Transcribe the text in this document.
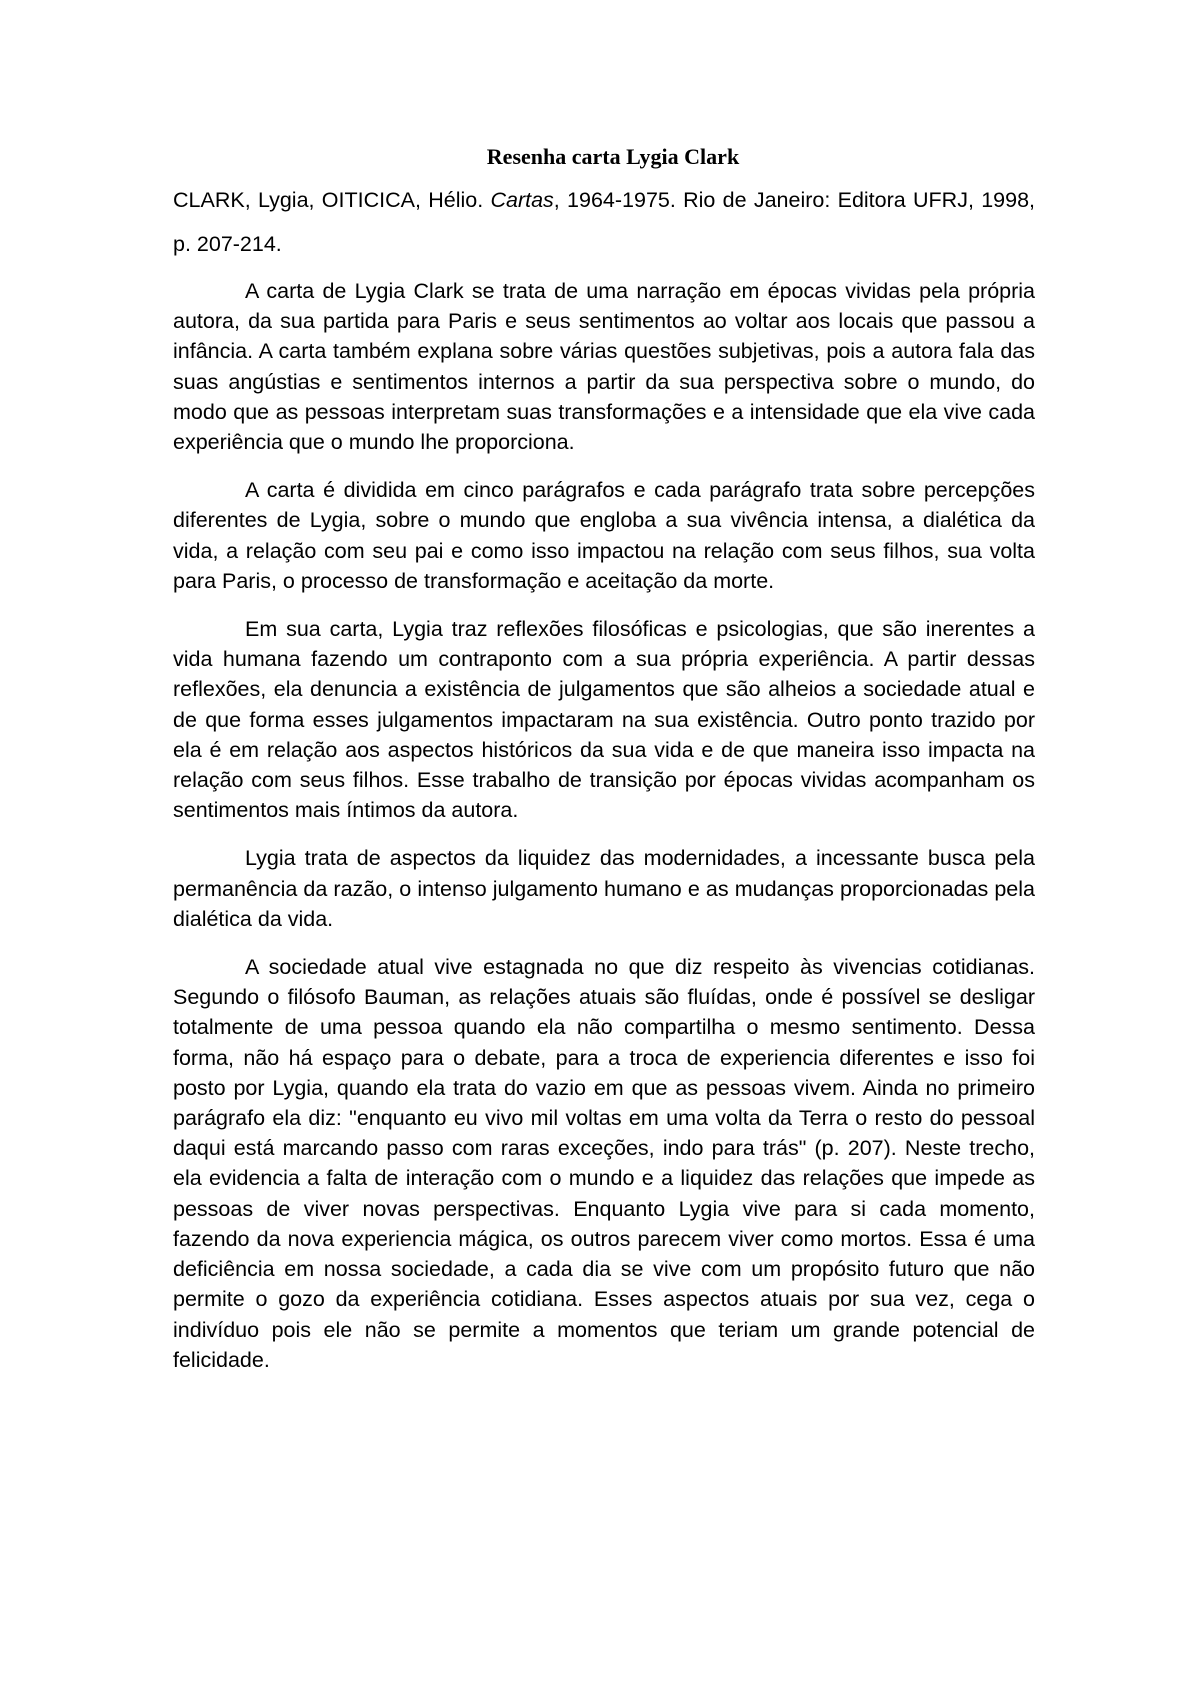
Resenha carta Lygia Clark

CLARK, Lygia, OITICICA, Hélio. Cartas, 1964-1975. Rio de Janeiro: Editora UFRJ, 1998, p. 207-214.

A carta de Lygia Clark se trata de uma narração em épocas vividas pela própria autora, da sua partida para Paris e seus sentimentos ao voltar aos locais que passou a infância. A carta também explana sobre várias questões subjetivas, pois a autora fala das suas angústias e sentimentos internos a partir da sua perspectiva sobre o mundo, do modo que as pessoas interpretam suas transformações e a intensidade que ela vive cada experiência que o mundo lhe proporciona.

A carta é dividida em cinco parágrafos e cada parágrafo trata sobre percepções diferentes de Lygia, sobre o mundo que engloba a sua vivência intensa, a dialética da vida, a relação com seu pai e como isso impactou na relação com seus filhos, sua volta para Paris, o processo de transformação e aceitação da morte.

Em sua carta, Lygia traz reflexões filosóficas e psicologias, que são inerentes a vida humana fazendo um contraponto com a sua própria experiência. A partir dessas reflexões, ela denuncia a existência de julgamentos que são alheios a sociedade atual e de que forma esses julgamentos impactaram na sua existência. Outro ponto trazido por ela é em relação aos aspectos históricos da sua vida e de que maneira isso impacta na relação com seus filhos. Esse trabalho de transição por épocas vividas acompanham os sentimentos mais íntimos da autora.

Lygia trata de aspectos da liquidez das modernidades, a incessante busca pela permanência da razão, o intenso julgamento humano e as mudanças proporcionadas pela dialética da vida.

A sociedade atual vive estagnada no que diz respeito às vivencias cotidianas. Segundo o filósofo Bauman, as relações atuais são fluídas, onde é possível se desligar totalmente de uma pessoa quando ela não compartilha o mesmo sentimento. Dessa forma, não há espaço para o debate, para a troca de experiencia diferentes e isso foi posto por Lygia, quando ela trata do vazio em que as pessoas vivem. Ainda no primeiro parágrafo ela diz: "enquanto eu vivo mil voltas em uma volta da Terra o resto do pessoal daqui está marcando passo com raras exceções, indo para trás" (p. 207). Neste trecho, ela evidencia a falta de interação com o mundo e a liquidez das relações que impede as pessoas de viver novas perspectivas. Enquanto Lygia vive para si cada momento, fazendo da nova experiencia mágica, os outros parecem viver como mortos. Essa é uma deficiência em nossa sociedade, a cada dia se vive com um propósito futuro que não permite o gozo da experiência cotidiana. Esses aspectos atuais por sua vez, cega o indivíduo pois ele não se permite a momentos que teriam um grande potencial de felicidade.
